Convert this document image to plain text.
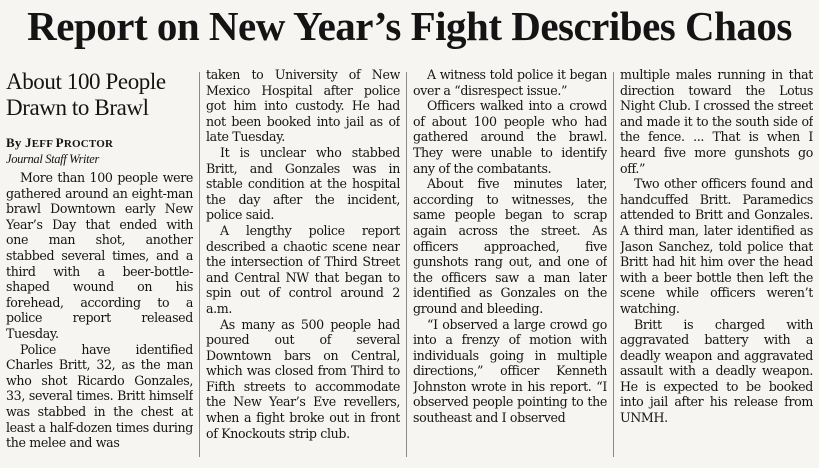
Report on New Year’s Fight Describes Chaos
About 100 People Drawn to Brawl
By JEFF PROCTOR
Journal Staff Writer

More than 100 people were gathered around an eight-man brawl Downtown early New Year’s Day that ended with one man shot, another stabbed several times, and a third with a beer-bottle-shaped wound on his forehead, according to a police report released Tuesday.

Police have identified Charles Britt, 32, as the man who shot Ricardo Gonzales, 33, several times. Britt himself was stabbed in the chest at least a half-dozen times during the melee and was

taken to University of New Mexico Hospital after police got him into custody. He had not been booked into jail as of late Tuesday.

It is unclear who stabbed Britt, and Gonzales was in stable condition at the hospital the day after the incident, police said.

A lengthy police report described a chaotic scene near the intersection of Third Street and Central NW that began to spin out of control around 2 a.m.

As many as 500 people had poured out of several Downtown bars on Central, which was closed from Third to Fifth streets to accommodate the New Year’s Eve revellers, when a fight broke out in front of Knockouts strip club.

A witness told police it began over a “disrespect issue.”

Officers walked into a crowd of about 100 people who had gathered around the brawl. They were unable to identify any of the combatants.

About five minutes later, according to witnesses, the same people began to scrap again across the street. As officers approached, five gunshots rang out, and one of the officers saw a man later identified as Gonzales on the ground and bleeding.

“I observed a large crowd go into a frenzy of motion with individuals going in multiple directions,” officer Kenneth Johnston wrote in his report. “I observed people pointing to the southeast and I observed

multiple males running in that direction toward the Lotus Night Club. I crossed the street and made it to the south side of the fence. ... That is when I heard five more gunshots go off.”

Two other officers found and handcuffed Britt. Paramedics attended to Britt and Gonzales. A third man, later identified as Jason Sanchez, told police that Britt had hit him over the head with a beer bottle then left the scene while officers weren’t watching.

Britt is charged with aggravated battery with a deadly weapon and aggravated assault with a deadly weapon. He is expected to be booked into jail after his release from UNMH.
